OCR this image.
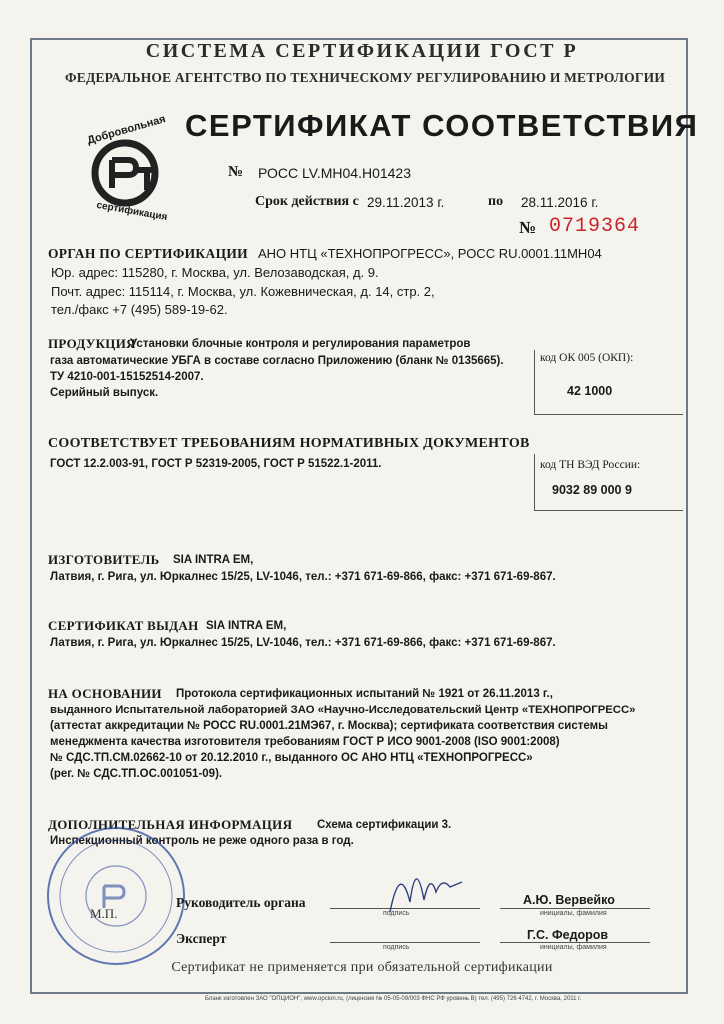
СИСТЕМА СЕРТИФИКАЦИИ ГОСТ Р
ФЕДЕРАЛЬНОЕ АГЕНТСТВО ПО ТЕХНИЧЕСКОМУ РЕГУЛИРОВАНИЮ И МЕТРОЛОГИИ
Добровольная
сертификация
СЕРТИФИКАТ СООТВЕТСТВИЯ
№ РОСС LV.МН04.Н01423
Срок действия с 29.11.2013 г.	по 28.11.2016 г.
№ 0719364
ОРГАН ПО СЕРТИФИКАЦИИ АНО НТЦ «ТЕХНОПРОГРЕСС», РОСС RU.0001.11МН04
Юр. адрес: 115280, г. Москва, ул. Велозаводская, д. 9.
Почт. адрес: 115114, г. Москва, ул. Кожевническая, д. 14, стр. 2,
тел./факс +7 (495) 589-19-62.
ПРОДУКЦИЯ
Установки блочные контроля и регулирования параметров
газа автоматические УБГА в составе согласно Приложению (бланк № 0135665).
ТУ 4210-001-15152514-2007.
Серийный выпуск.
код ОК 005 (ОКП):
42 1000
СООТВЕТСТВУЕТ ТРЕБОВАНИЯМ НОРМАТИВНЫХ ДОКУМЕНТОВ
ГОСТ 12.2.003-91, ГОСТ Р 52319-2005, ГОСТ Р 51522.1-2011.	код ТН ВЭД России:
9032 89 000 9
ИЗГОТОВИТЕЛЬ SIA INTRA EM,
Латвия, г. Рига, ул. Юркалнес 15/25, LV-1046, тел.: +371 671-69-866, факс: +371 671-69-867.
СЕРТИФИКАТ ВЫДАН SIA INTRA EM,
Латвия, г. Рига, ул. Юркалнес 15/25, LV-1046, тел.: +371 671-69-866, факс: +371 671-69-867.
НА ОСНОВАНИИ Протокола сертификационных испытаний № 1921 от 26.11.2013 г.,
выданного Испытательной лабораторией ЗАО «Научно-Исследовательский Центр «ТЕХНОПРОГРЕСС»
(аттестат аккредитации № РОСС RU.0001.21МЭ67, г. Москва); сертификата соответствия системы
менеджмента качества изготовителя требованиям ГОСТ Р ИСО 9001-2008 (ISO 9001:2008)
№ СДС.ТП.СМ.02662-10 от 20.12.2010 г., выданного ОС АНО НТЦ «ТЕХНОПРОГРЕСС»
(рег. № СДС.ТП.ОС.001051-09).
ДОПОЛНИТЕЛЬНАЯ ИНФОРМАЦИЯ Схема сертификации 3.
Инспекционный контроль не реже одного раза в год.
М.П.
Руководитель органа
подпись
А.Ю. Вервейко
инициалы, фамилия
Эксперт
подпись
Г.С. Федоров
инициалы, фамилия
Сертификат не применяется при обязательной сертификации
Бланк изготовлен ЗАО "ОПЦИОН", www.opcion.ru, (лицензия № 05-05-09/003 ФНС РФ уровень В) тел. (495) 726 4742, г. Москва, 2011 г.
